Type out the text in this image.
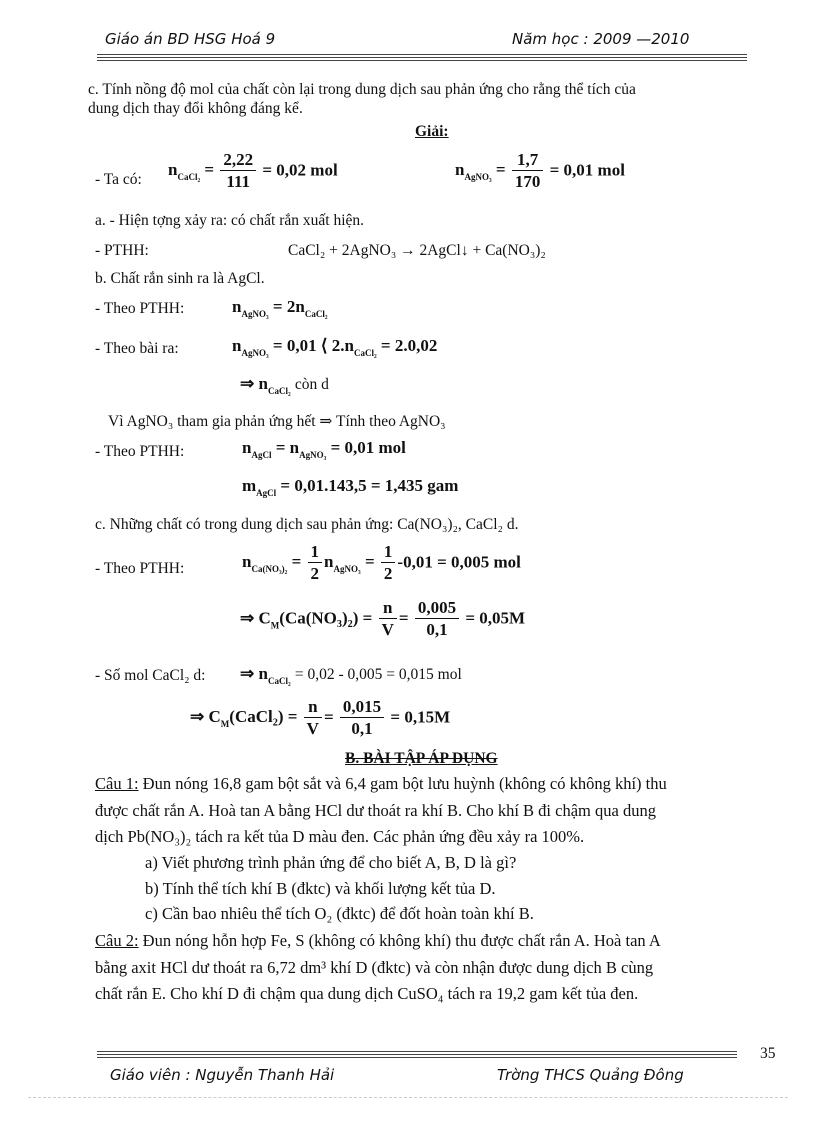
Giáo án BD HSG Hoá 9	Năm học : 2009 —2010
c. Tính nồng độ mol của chất còn lại trong dung dịch sau phản ứng cho rằng thể tích của
dung dịch thay đổi không đáng kể.
Giải:
- Ta có:
$n_{CaCl_2} = \frac{2,22}{111} = 0,02$ mol	$n_{AgNO_3} = \frac{1,7}{170} = 0,01$ mol
a. - Hiện tợng xảy ra: có chất rắn xuất hiện.
- PTHH:	CaCl₂ + 2AgNO₃ → 2AgCl↓ + Ca(NO₃)₂
b. Chất rắn sinh ra là AgCl.
- Theo PTHH:	$n_{AgNO_3} = 2n_{CaCl_2}$
- Theo bài ra:	$n_{AgNO_3} = 0,01$ ⟨ $2.n_{CaCl_2} = 2.0,02$
⇒ $n_{CaCl_2}$ còn d
Vì AgNO₃ tham gia phản ứng hết ⇒ Tính theo AgNO₃
- Theo PTHH:	$n_{AgCl} = n_{AgNO_3} = 0,01$ mol
$m_{AgCl} = 0,01.143,5 = 1,435$ gam
c. Những chất có trong dung dịch sau phản ứng: Ca(NO₃)₂, CaCl₂ d.
- Theo PTHH:	$n_{Ca(NO_3)_2} = \frac{1}{2} n_{AgNO_3} = \frac{1}{2} -0,01 = 0,005$ mol
⇒ $C_M(Ca(NO_3)_2) = \frac{n}{V} = \frac{0,005}{0,1} = 0,05M$
- Số mol CaCl₂ d: ⇒ $n_{CaCl_2} = 0,02 - 0,005 = 0,015$ mol
⇒ $C_M(CaCl_2) = \frac{n}{V} = \frac{0,015}{0,1} = 0,15M$
B. BÀI TẬP ÁP DỤNG
Câu 1: Đun nóng 16,8 gam bột sắt và 6,4 gam bột lưu huỳnh (không có không khí) thu
được chất rắn A. Hoà tan A bằng HCl dư thoát ra khí B. Cho khí B đi chậm qua dung
dịch Pb(NO₃)₂ tách ra kết tủa D màu đen. Các phản ứng đều xảy ra 100%.
a) Viết phương trình phản ứng để cho biết A, B, D là gì?
b) Tính thể tích khí B (đktc) và khối lượng kết tủa D.
c) Cần bao nhiêu thể tích O₂ (đktc) để đốt hoàn toàn khí B.
Câu 2: Đun nóng hỗn hợp Fe, S (không có không khí) thu được chất rắn A. Hoà tan A
bằng axit HCl dư thoát ra 6,72 dm³ khí D (đktc) và còn nhận được dung dịch B cùng
chất rắn E. Cho khí D đi chậm qua dung dịch CuSO₄ tách ra 19,2 gam kết tủa đen.
35
Giáo viên : Nguyễn Thanh Hải	Trờng THCS Quảng Đông
